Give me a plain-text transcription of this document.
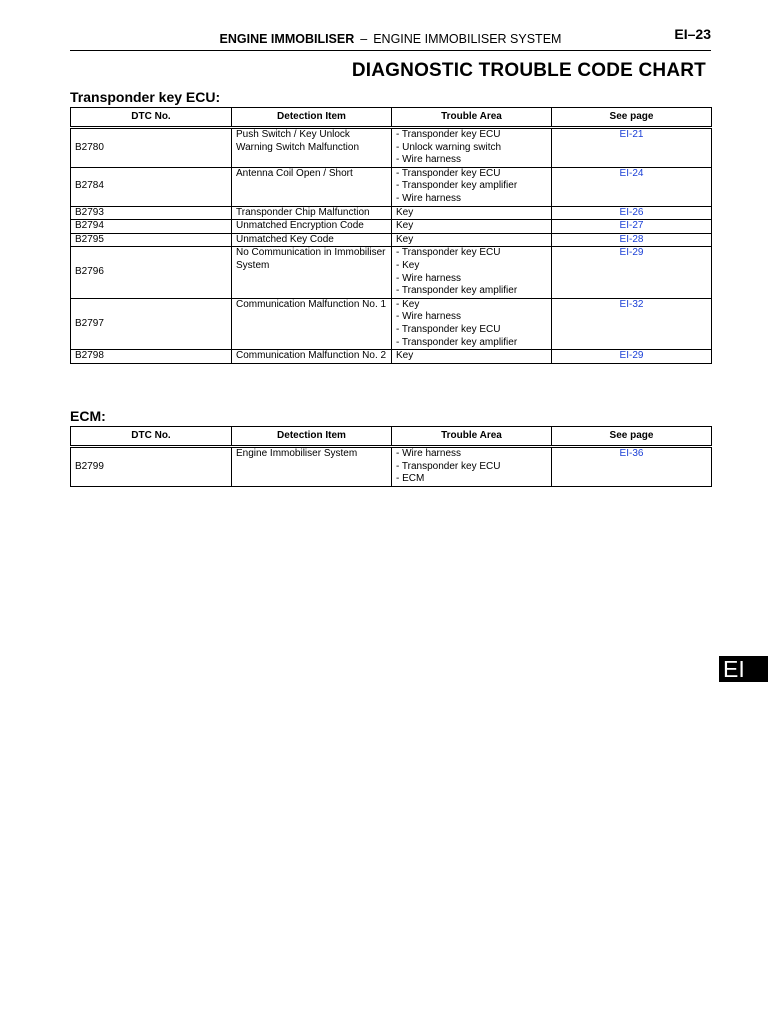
ENGINE IMMOBILISER – ENGINE IMMOBILISER SYSTEM	EI–23
DIAGNOSTIC TROUBLE CODE CHART
Transponder key ECU:
DTC No.	Detection Item	Trouble Area	See page
B2780	Push Switch / Key Unlock
Warning Switch Malfunction	- Transponder key ECU
- Unlock warning switch
- Wire harness	EI-21
B2784	Antenna Coil Open / Short	- Transponder key ECU
- Transponder key amplifier
- Wire harness	EI-24
B2793	Transponder Chip Malfunction	Key	EI-26
B2794	Unmatched Encryption Code	Key	EI-27
B2795	Unmatched Key Code	Key	EI-28
B2796	No Communication in Immobiliser
System	- Transponder key ECU
- Key
- Wire harness
- Transponder key amplifier	EI-29
B2797	Communication Malfunction No. 1	- Key
- Wire harness
- Transponder key ECU
- Transponder key amplifier	EI-32
B2798	Communication Malfunction No. 2	Key	EI-29
ECM:
DTC No.	Detection Item	Trouble Area	See page
B2799	Engine Immobiliser System	- Wire harness
- Transponder key ECU
- ECM	EI-36
EI
